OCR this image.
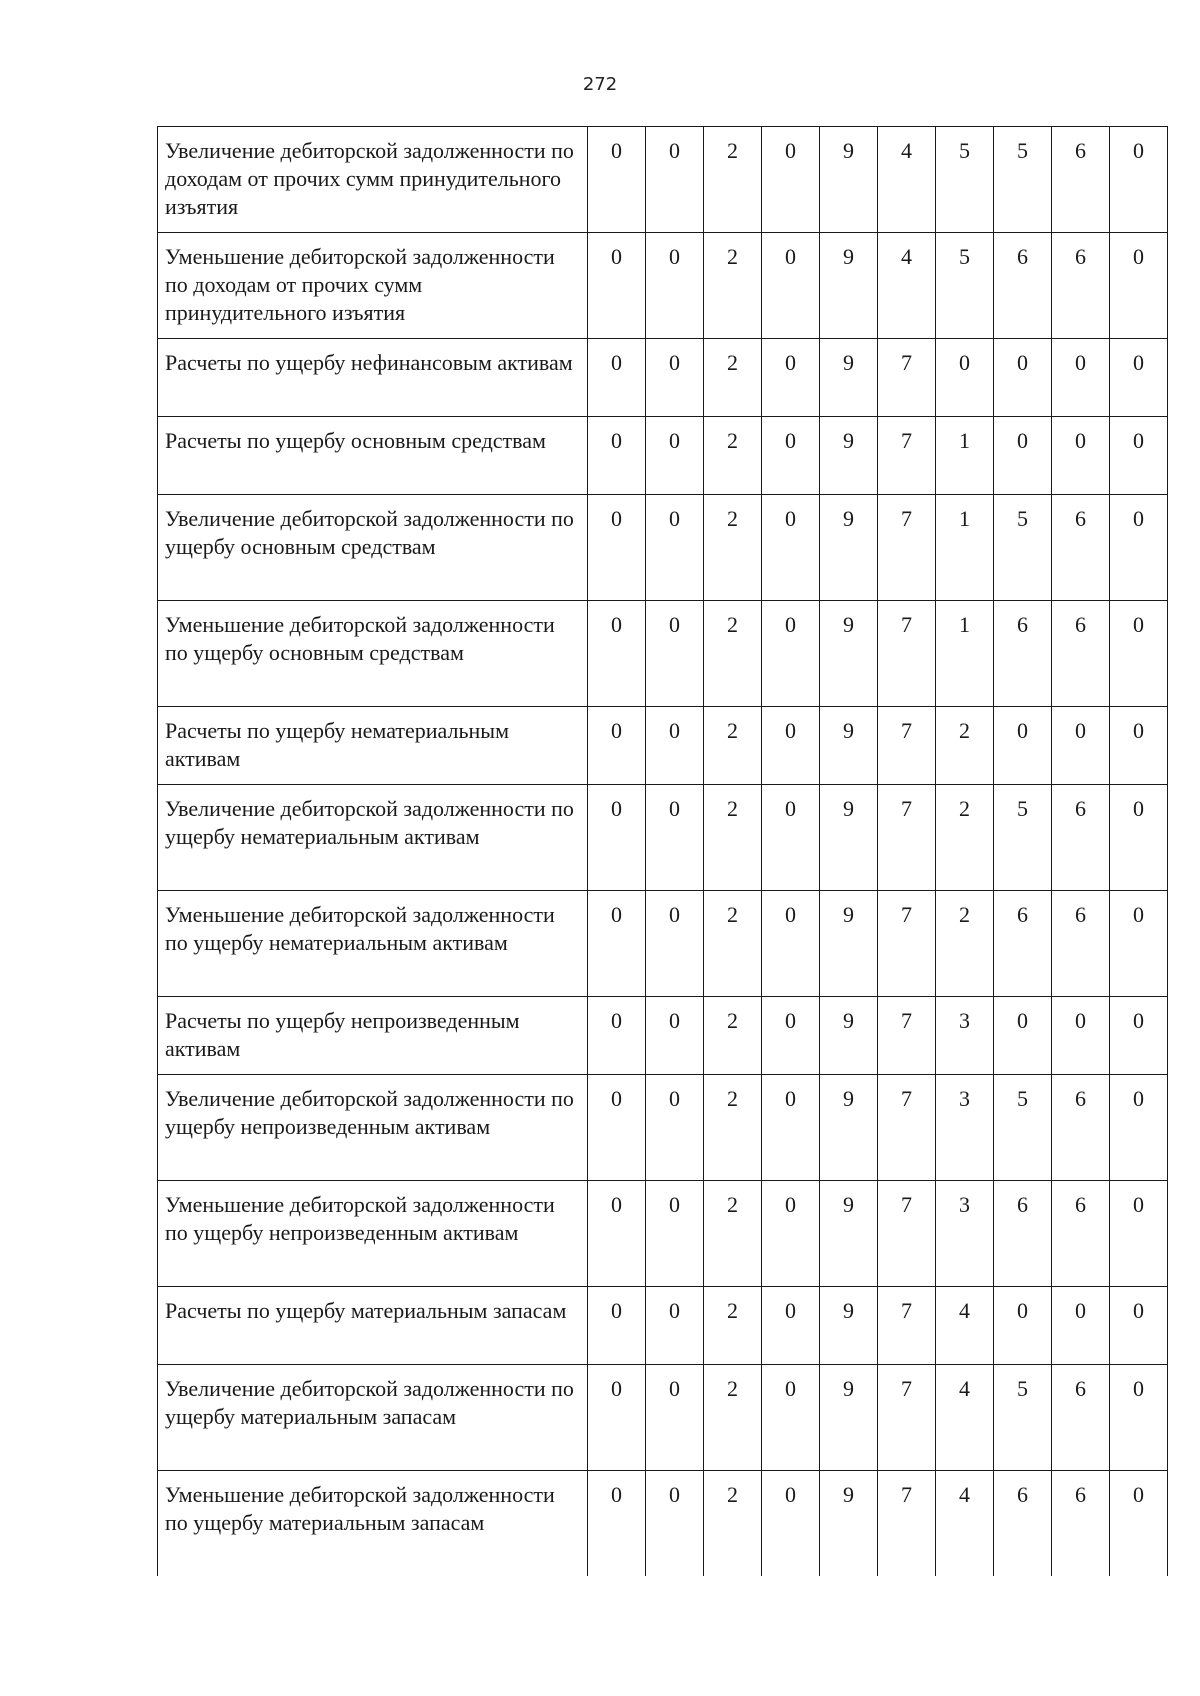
272
Увеличение дебиторской задолженности по доходам от прочих сумм принудительного изъятия	0	0	2	0	9	4	5	5	6	0
Уменьшение дебиторской задолженности по доходам от прочих сумм принудительного изъятия	0	0	2	0	9	4	5	6	6	0
Расчеты по ущербу нефинансовым активам	0	0	2	0	9	7	0	0	0	0
Расчеты по ущербу основным средствам	0	0	2	0	9	7	1	0	0	0
Увеличение дебиторской задолженности по ущербу основным средствам	0	0	2	0	9	7	1	5	6	0
Уменьшение дебиторской задолженности по ущербу основным средствам	0	0	2	0	9	7	1	6	6	0
Расчеты по ущербу нематериальным активам	0	0	2	0	9	7	2	0	0	0
Увеличение дебиторской задолженности по ущербу нематериальным активам	0	0	2	0	9	7	2	5	6	0
Уменьшение дебиторской задолженности по ущербу нематериальным активам	0	0	2	0	9	7	2	6	6	0
Расчеты по ущербу непроизведенным активам	0	0	2	0	9	7	3	0	0	0
Увеличение дебиторской задолженности по ущербу непроизведенным активам	0	0	2	0	9	7	3	5	6	0
Уменьшение дебиторской задолженности по ущербу непроизведенным активам	0	0	2	0	9	7	3	6	6	0
Расчеты по ущербу материальным запасам	0	0	2	0	9	7	4	0	0	0
Увеличение дебиторской задолженности по ущербу материальным запасам	0	0	2	0	9	7	4	5	6	0
Уменьшение дебиторской задолженности по ущербу материальным запасам	0	0	2	0	9	7	4	6	6	0
